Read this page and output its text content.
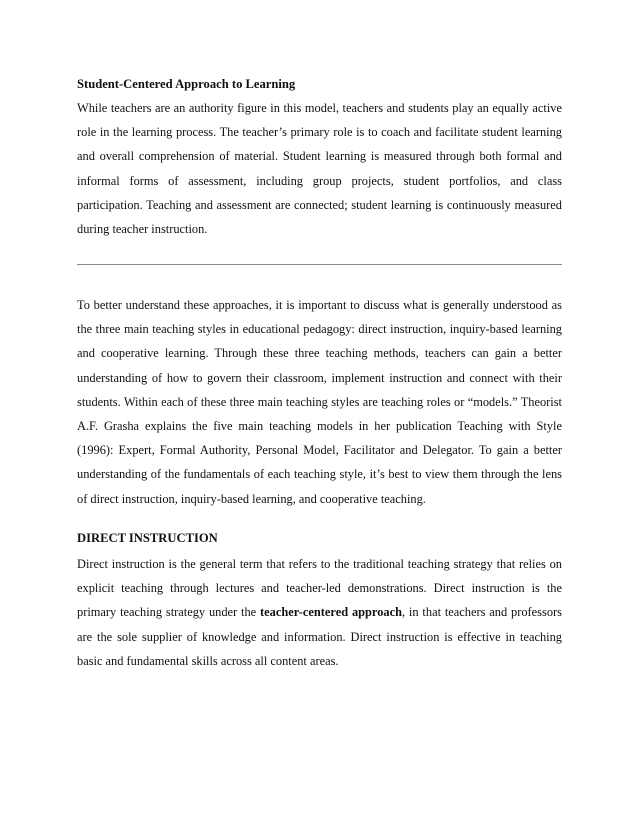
Student-Centered Approach to Learning
While teachers are an authority figure in this model, teachers and students play an equally active role in the learning process. The teacher’s primary role is to coach and facilitate student learning and overall comprehension of material. Student learning is measured through both formal and informal forms of assessment, including group projects, student portfolios, and class participation. Teaching and assessment are connected; student learning is continuously measured during teacher instruction.
To better understand these approaches, it is important to discuss what is generally understood as the three main teaching styles in educational pedagogy: direct instruction, inquiry-based learning and cooperative learning. Through these three teaching methods, teachers can gain a better understanding of how to govern their classroom, implement instruction and connect with their students. Within each of these three main teaching styles are teaching roles or “models.” Theorist A.F. Grasha explains the five main teaching models in her publication Teaching with Style (1996): Expert, Formal Authority, Personal Model, Facilitator and Delegator. To gain a better understanding of the fundamentals of each teaching style, it’s best to view them through the lens of direct instruction, inquiry-based learning, and cooperative teaching.
DIRECT INSTRUCTION
Direct instruction is the general term that refers to the traditional teaching strategy that relies on explicit teaching through lectures and teacher-led demonstrations. Direct instruction is the primary teaching strategy under the teacher-centered approach, in that teachers and professors are the sole supplier of knowledge and information. Direct instruction is effective in teaching basic and fundamental skills across all content areas.
